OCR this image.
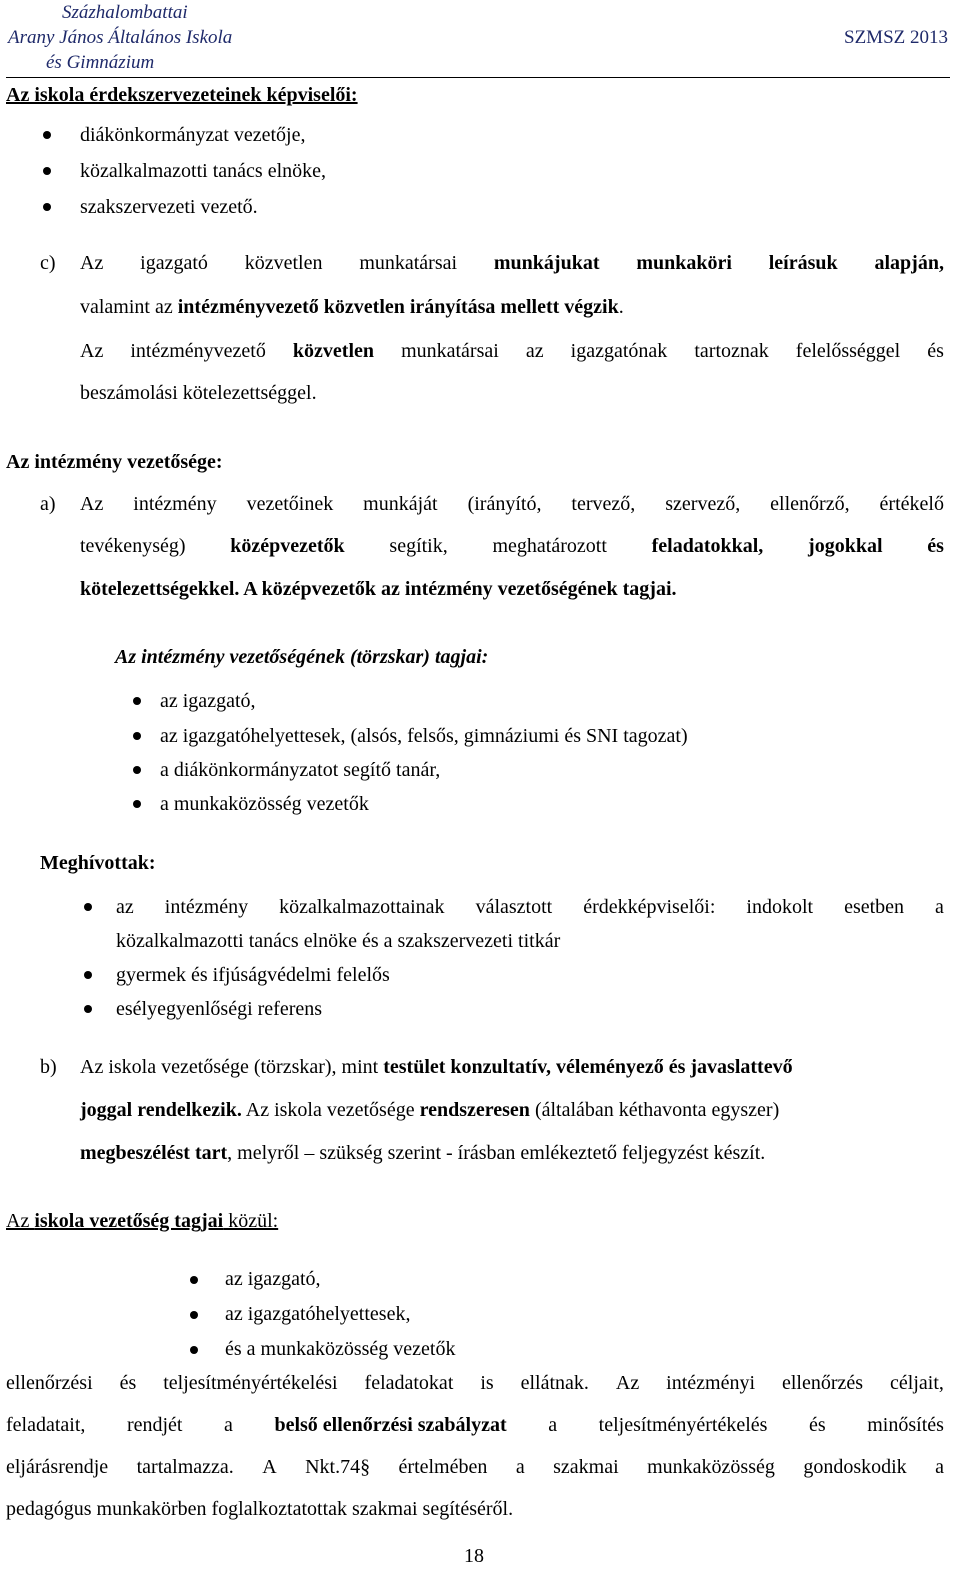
Százhalombattai
Arany János Általános Iskola
és Gimnázium
SZMSZ 2013
Az iskola érdekszervezeteinek képviselői:
diákönkormányzat vezetője,
közalkalmazotti tanács elnöke,
szakszervezeti vezető.
c) Az igazgató közvetlen munkatársai munkájukat munkaköri leírásuk alapján,
valamint az intézményvezető közvetlen irányítása mellett végzik.
Az intézményvezető közvetlen munkatársai az igazgatónak tartoznak felelősséggel és
beszámolási kötelezettséggel.
Az intézmény vezetősége:
a) Az intézmény vezetőinek munkáját (irányító, tervező, szervező, ellenőrző, értékelő
tevékenység) középvezetők segítik, meghatározott feladatokkal, jogokkal és
kötelezettségekkel. A középvezetők az intézmény vezetőségének tagjai.
Az intézmény vezetőségének (törzskar) tagjai:
az igazgató,
az igazgatóhelyettesek, (alsós, felsős, gimnáziumi és SNI tagozat)
a diákönkormányzatot segítő tanár,
a munkaközösség vezetők
Meghívottak:
az intézmény közalkalmazottainak választott érdekképviselői: indokolt esetben a
közalkalmazotti tanács elnöke és a szakszervezeti titkár
gyermek és ifjúságvédelmi felelős
esélyegyenlőségi referens
b) Az iskola vezetősége (törzskar), mint testület konzultatív, véleményező és javaslattevő
joggal rendelkezik. Az iskola vezetősége rendszeresen (általában kéthavonta egyszer)
megbeszélést tart, melyről – szükség szerint - írásban emlékeztető feljegyzést készít.
Az iskola vezetőség tagjai közül:
az igazgató,
az igazgatóhelyettesek,
és a munkaközösség vezetők
ellenőrzési és teljesítményértékelési feladatokat is ellátnak. Az intézményi ellenőrzés céljait,
feladatait, rendjét a belső ellenőrzési szabályzat a teljesítményértékelés és minősítés
eljárásrendje tartalmazza. A Nkt.74§ értelmében a szakmai munkaközösség gondoskodik a
pedagógus munkakörben foglalkoztatottak szakmai segítéséről.
18
